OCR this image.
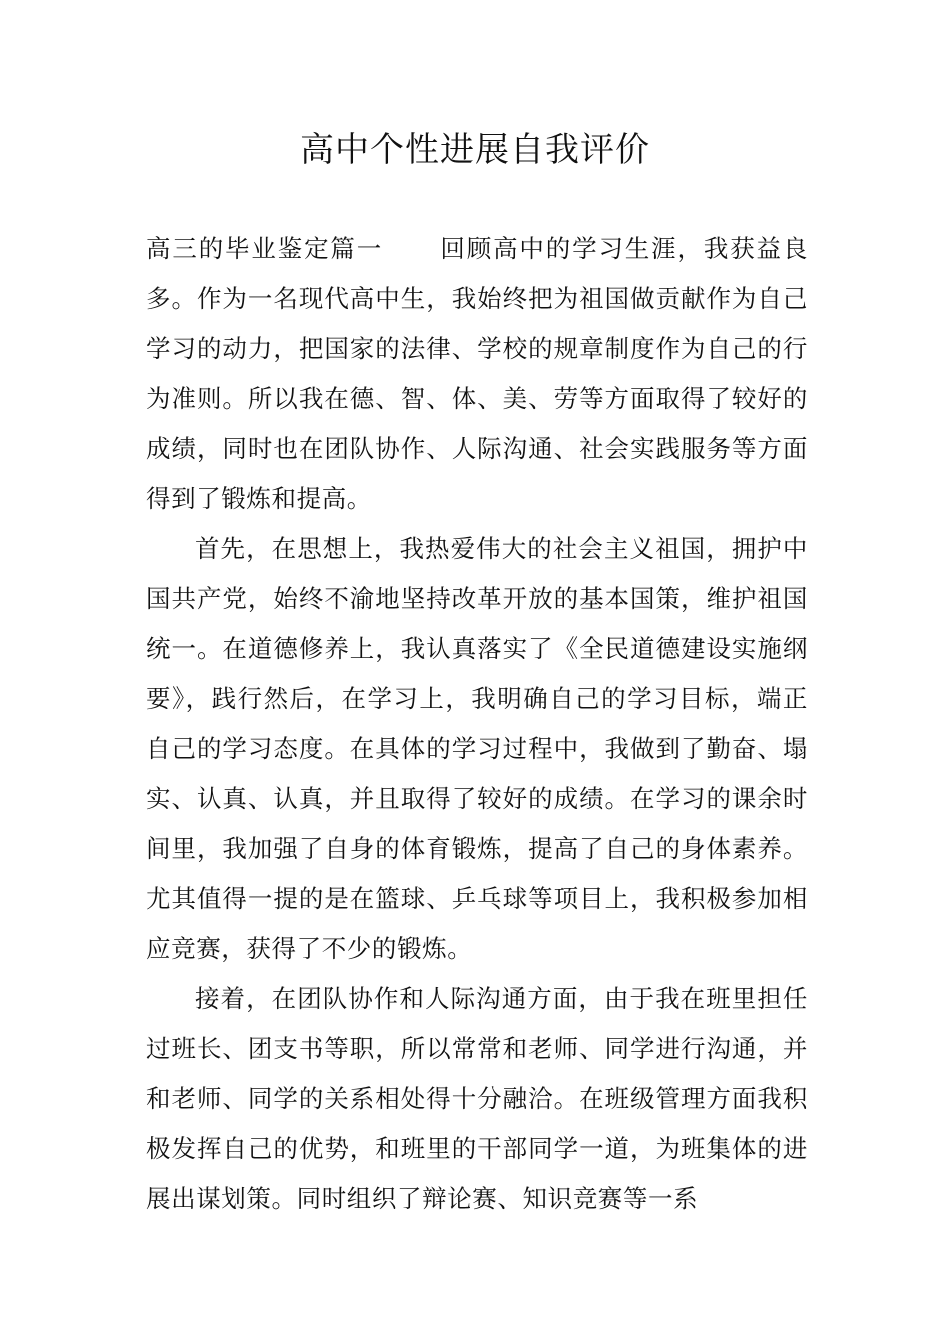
高中个性进展自我评价

高三的毕业鉴定篇一 回顾高中的学习生涯，我获益良多。作为一名现代高中生，我始终把为祖国做贡献作为自己学习的动力，把国家的法律、学校的规章制度作为自己的行为准则。所以我在德、智、体、美、劳等方面取得了较好的成绩，同时也在团队协作、人际沟通、社会实践服务等方面得到了锻炼和提高。

首先，在思想上，我热爱伟大的社会主义祖国，拥护中国共产党，始终不渝地坚持改革开放的基本国策，维护祖国统一。在道德修养上，我认真落实了《全民道德建设实施纲要》，践行然后，在学习上，我明确自己的学习目标，端正自己的学习态度。在具体的学习过程中，我做到了勤奋、塌实、认真、认真，并且取得了较好的成绩。在学习的课余时间里，我加强了自身的体育锻炼，提高了自己的身体素养。尤其值得一提的是在篮球、乒乓球等项目上，我积极参加相应竞赛，获得了不少的锻炼。

接着，在团队协作和人际沟通方面，由于我在班里担任过班长、团支书等职，所以常常和老师、同学进行沟通，并和老师、同学的关系相处得十分融洽。在班级管理方面我积极发挥自己的优势，和班里的干部同学一道，为班集体的进展出谋划策。同时组织了辩论赛、知识竞赛等一系
